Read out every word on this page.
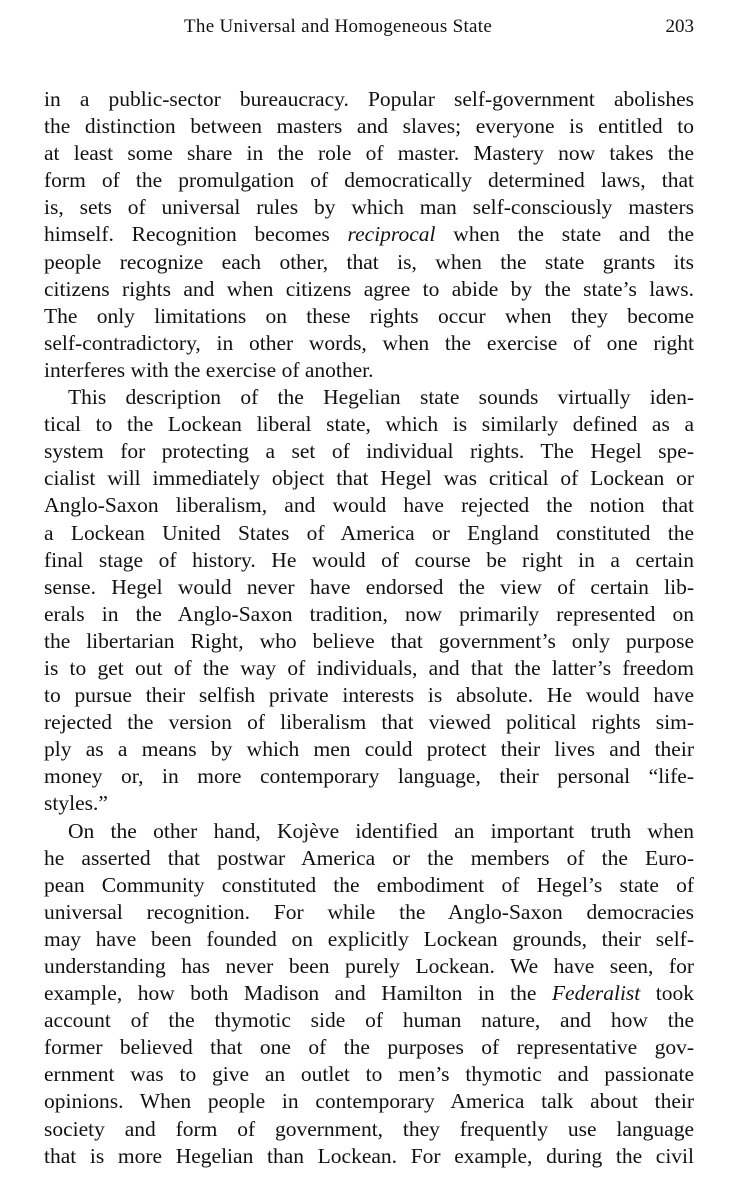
The Universal and Homogeneous State	203
in a public-sector bureaucracy. Popular self-government abolishes
the distinction between masters and slaves; everyone is entitled to
at least some share in the role of master. Mastery now takes the
form of the promulgation of democratically determined laws, that
is, sets of universal rules by which man self-consciously masters
himself. Recognition becomes reciprocal when the state and the
people recognize each other, that is, when the state grants its
citizens rights and when citizens agree to abide by the state’s laws.
The only limitations on these rights occur when they become
self-contradictory, in other words, when the exercise of one right
interferes with the exercise of another.
This description of the Hegelian state sounds virtually iden-
tical to the Lockean liberal state, which is similarly defined as a
system for protecting a set of individual rights. The Hegel spe-
cialist will immediately object that Hegel was critical of Lockean or
Anglo-Saxon liberalism, and would have rejected the notion that
a Lockean United States of America or England constituted the
final stage of history. He would of course be right in a certain
sense. Hegel would never have endorsed the view of certain lib-
erals in the Anglo-Saxon tradition, now primarily represented on
the libertarian Right, who believe that government’s only purpose
is to get out of the way of individuals, and that the latter’s freedom
to pursue their selfish private interests is absolute. He would have
rejected the version of liberalism that viewed political rights sim-
ply as a means by which men could protect their lives and their
money or, in more contemporary language, their personal “life-
styles.”
On the other hand, Kojève identified an important truth when
he asserted that postwar America or the members of the Euro-
pean Community constituted the embodiment of Hegel’s state of
universal recognition. For while the Anglo-Saxon democracies
may have been founded on explicitly Lockean grounds, their self-
understanding has never been purely Lockean. We have seen, for
example, how both Madison and Hamilton in the Federalist took
account of the thymotic side of human nature, and how the
former believed that one of the purposes of representative gov-
ernment was to give an outlet to men’s thymotic and passionate
opinions. When people in contemporary America talk about their
society and form of government, they frequently use language
that is more Hegelian than Lockean. For example, during the civil
